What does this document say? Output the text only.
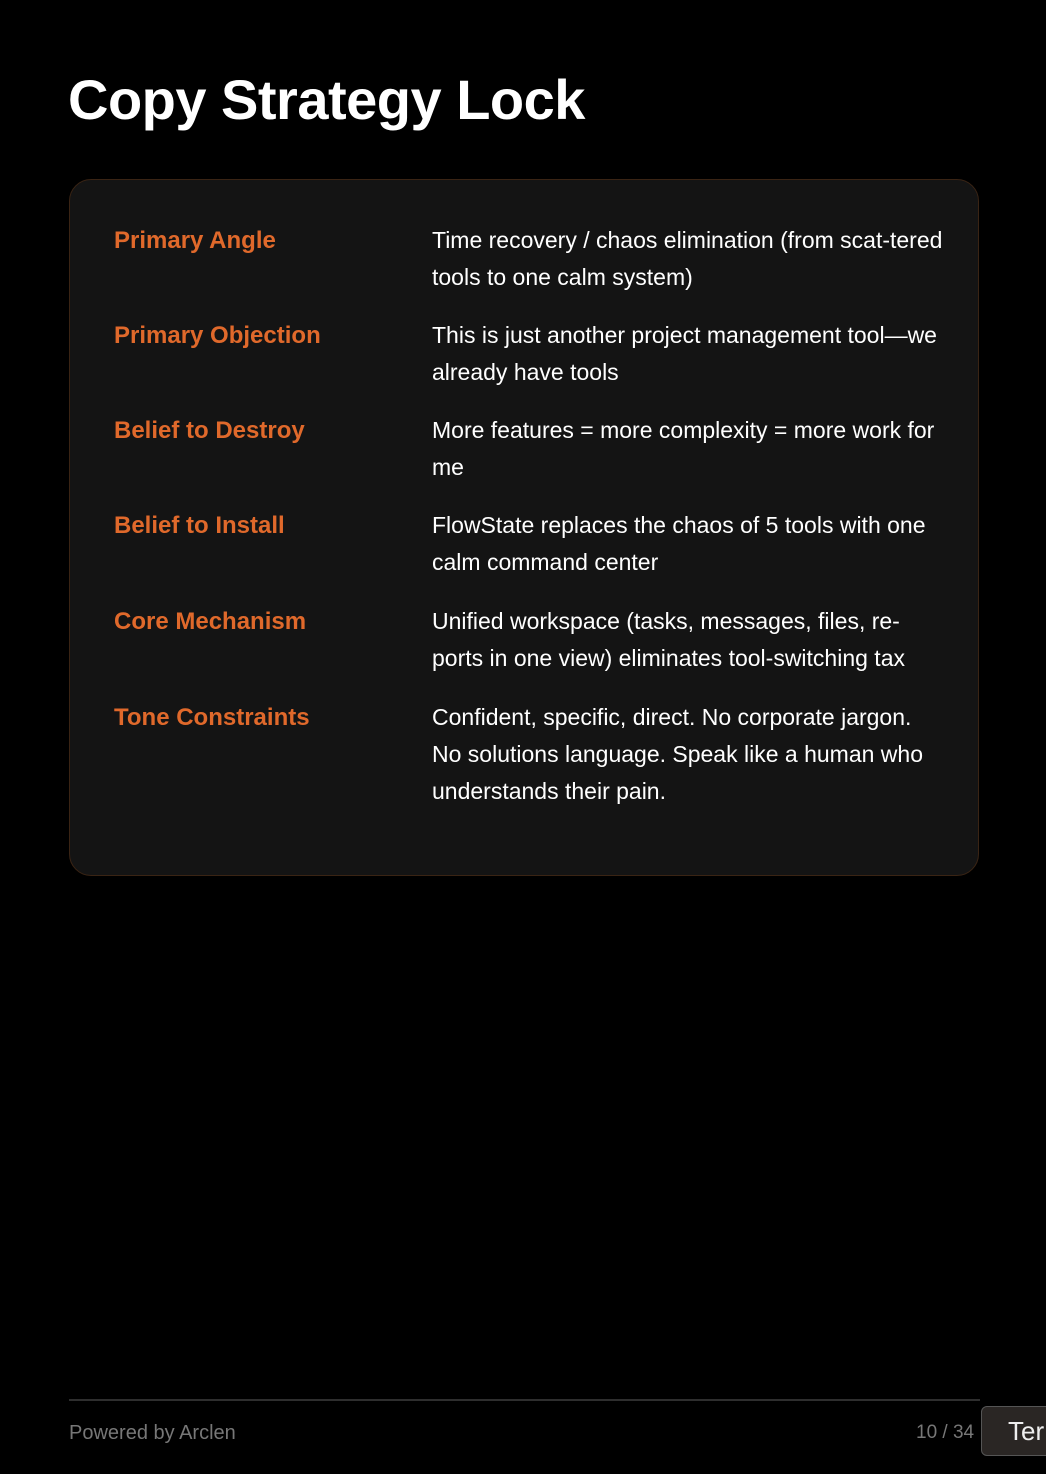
Copy Strategy Lock
Primary Angle	Time recovery / chaos elimination (from scat-tered tools to one calm system)
Primary Objection	This is just another project management tool—we already have tools
Belief to Destroy	More features = more complexity = more work for me
Belief to Install	FlowState replaces the chaos of 5 tools with one calm command center
Core Mechanism	Unified workspace (tasks, messages, files, re-ports in one view) eliminates tool-switching tax
Tone Constraints	Confident, specific, direct. No corporate jargon. No solutions language. Speak like a human who understands their pain.
Powered by Arclen	10 / 34	Ter
